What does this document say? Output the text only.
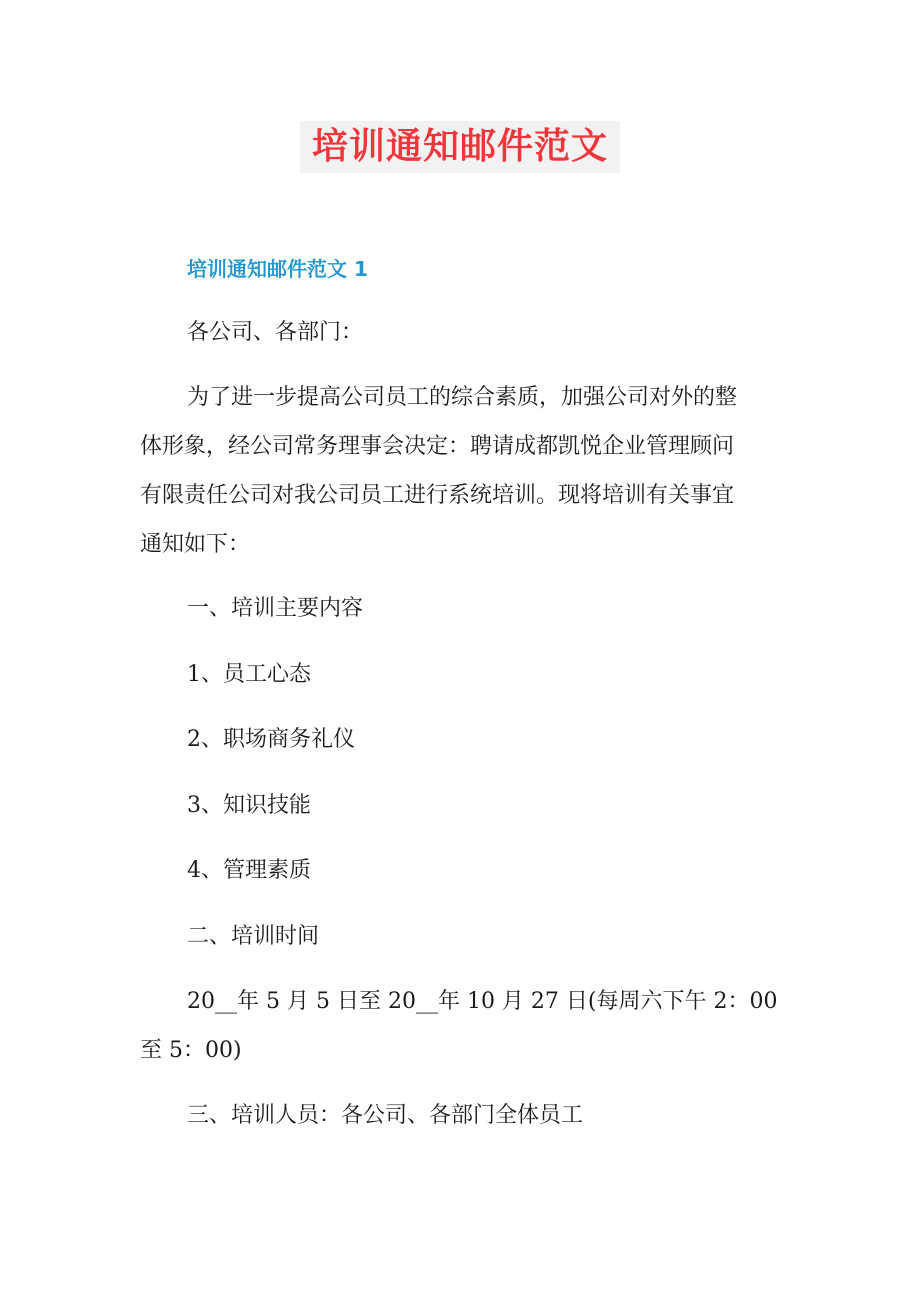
培训通知邮件范文
培训通知邮件范文 1
各公司、各部门：
为了进一步提高公司员工的综合素质，加强公司对外的整
体形象，经公司常务理事会决定：聘请成都凯悦企业管理顾问
有限责任公司对我公司员工进行系统培训。现将培训有关事宜
通知如下：
一、培训主要内容
1、员工心态
2、职场商务礼仪
3、知识技能
4、管理素质
二、培训时间
20__年 5 月 5 日至 20__年 10 月 27 日(每周六下午 2：00
至 5：00)
三、培训人员：各公司、各部门全体员工
